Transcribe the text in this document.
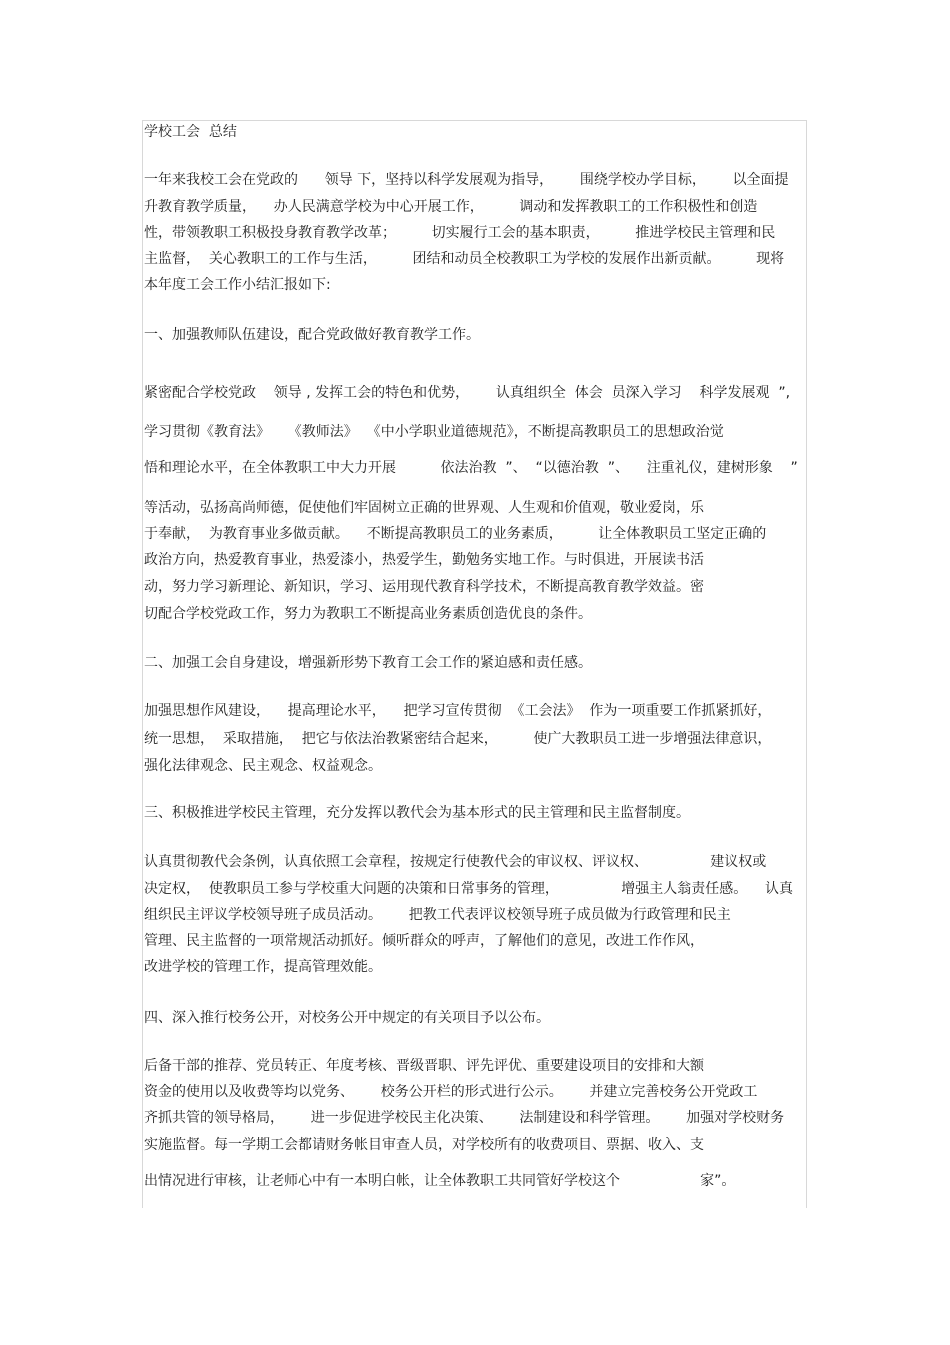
学校工会  总结

一年来我校工会在党政的      领导 下，坚持以科学发展观为指导，      围绕学校办学目标，      以全面提

升教育教学质量，    办人民满意学校为中心开展工作，        调动和发挥教职工的工作积极性和创造

性，带领教职工积极投身教育教学改革；        切实履行工会的基本职责，        推进学校民主管理和民

主监督，  关心教职工的工作与生活，        团结和动员全校教职工为学校的发展作出新贡献。        现将

本年度工会工作小结汇报如下:

一、加强教师队伍建设，配合党政做好教育教学工作。

紧密配合学校党政    领导 , 发挥工会的特色和优势，      认真组织全  体会  员深入学习    科学发展观  ”,

学习贯彻《教育法》    《教师法》  《中小学职业道德规范》，不断提高教职员工的思想政治觉

悟和理论水平，在全体教职工中大力开展          依法治教  ”、  “以德治教  ”、    注重礼仪，建树形象    ”

等活动，弘扬高尚师德，促使他们牢固树立正确的世界观、人生观和价值观，敬业爱岗，乐

于奉献，  为教育事业多做贡献。    不断提高教职员工的业务素质，        让全体教职员工坚定正确的

政治方向，热爱教育事业，热爱漆小，热爱学生，勤勉务实地工作。与时俱进，开展读书活

动，努力学习新理论、新知识，学习、运用现代教育科学技术，不断提高教育教学效益。密

切配合学校党政工作，努力为教职工不断提高业务素质创造优良的条件。

二、加强工会自身建设，增强新形势下教育工会工作的紧迫感和责任感。

加强思想作风建设，    提高理论水平，    把学习宣传贯彻  《工会法》  作为一项重要工作抓紧抓好，

统一思想，  采取措施，  把它与依法治教紧密结合起来，        使广大教职员工进一步增强法律意识，

强化法律观念、民主观念、权益观念。

三、积极推进学校民主管理，充分发挥以教代会为基本形式的民主管理和民主监督制度。

认真贯彻教代会条例，认真依照工会章程，按规定行使教代会的审议权、评议权、              建议权或

决定权，  使教职员工参与学校重大问题的决策和日常事务的管理，              增强主人翁责任感。    认真

组织民主评议学校领导班子成员活动。      把教工代表评议校领导班子成员做为行政管理和民主

管理、民主监督的一项常规活动抓好。倾听群众的呼声，了解他们的意见，改进工作作风，

改进学校的管理工作，提高管理效能。

四、深入推行校务公开，对校务公开中规定的有关项目予以公布。

后备干部的推荐、党员转正、年度考核、晋级晋职、评先评优、重要建设项目的安排和大额

资金的使用以及收费等均以党务、      校务公开栏的形式进行公示。      并建立完善校务公开党政工

齐抓共管的领导格局，      进一步促进学校民主化决策、      法制建设和科学管理。      加强对学校财务

实施监督。每一学期工会都请财务帐目审查人员，对学校所有的收费项目、票据、收入、支

出情况进行审核，让老师心中有一本明白帐，让全体教职工共同管好学校这个                  家”。
